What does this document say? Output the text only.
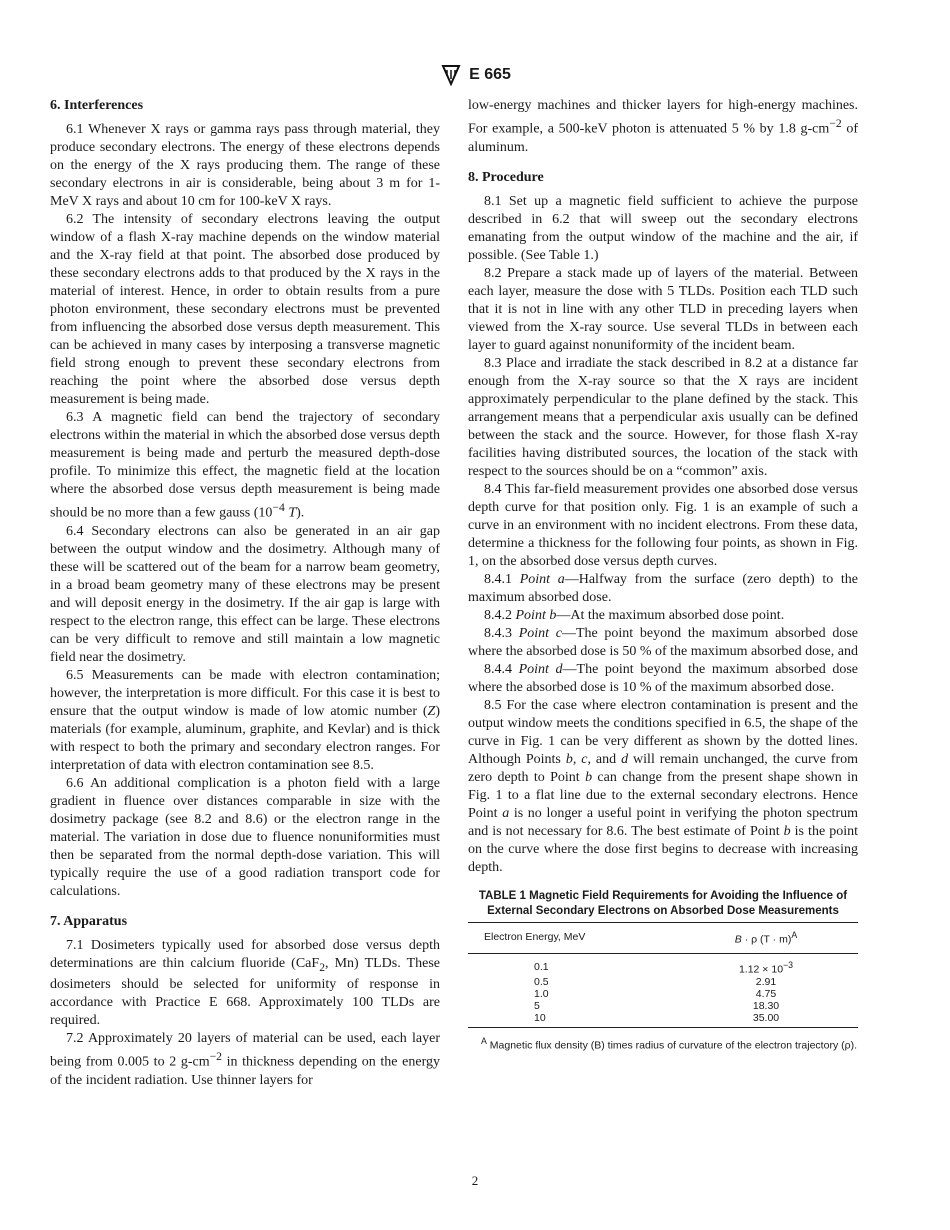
E 665
6. Interferences

6.1 Whenever X rays or gamma rays pass through material, they produce secondary electrons. The energy of these electrons depends on the energy of the X rays producing them. The range of these secondary electrons in air is considerable, being about 3 m for 1-MeV X rays and about 10 cm for 100-keV X rays.

6.2 The intensity of secondary electrons leaving the output window of a flash X-ray machine depends on the window material and the X-ray field at that point. The absorbed dose produced by these secondary electrons adds to that produced by the X rays in the material of interest. Hence, in order to obtain results from a pure photon environment, these secondary electrons must be prevented from influencing the absorbed dose versus depth measurement. This can be achieved in many cases by interposing a transverse magnetic field strong enough to prevent these secondary electrons from reaching the point where the absorbed dose versus depth measurement is being made.

6.3 A magnetic field can bend the trajectory of secondary electrons within the material in which the absorbed dose versus depth measurement is being made and perturb the measured depth-dose profile. To minimize this effect, the magnetic field at the location where the absorbed dose versus depth measurement is being made should be no more than a few gauss ($10^{-4}$ T).

6.4 Secondary electrons can also be generated in an air gap between the output window and the dosimetry. Although many of these will be scattered out of the beam for a narrow beam geometry, in a broad beam geometry many of these electrons may be present and will deposit energy in the dosimetry. If the air gap is large with respect to the electron range, this effect can be large. These electrons can be very difficult to remove and still maintain a low magnetic field near the dosimetry.

6.5 Measurements can be made with electron contamination; however, the interpretation is more difficult. For this case it is best to ensure that the output window is made of low atomic number (Z) materials (for example, aluminum, graphite, and Kevlar) and is thick with respect to both the primary and secondary electron ranges. For interpretation of data with electron contamination see 8.5.

6.6 An additional complication is a photon field with a large gradient in fluence over distances comparable in size with the dosimetry package (see 8.2 and 8.6) or the electron range in the material. The variation in dose due to fluence nonuniformities must then be separated from the normal depth-dose variation. This will typically require the use of a good radiation transport code for calculations.

7. Apparatus

7.1 Dosimeters typically used for absorbed dose versus depth determinations are thin calcium fluoride (CaF$_2$, Mn) TLDs. These dosimeters should be selected for uniformity of response in accordance with Practice E 668. Approximately 100 TLDs are required.

7.2 Approximately 20 layers of material can be used, each layer being from 0.005 to 2 $g-cm^{-2}$ in thickness depending on the energy of the incident radiation. Use thinner layers for

low-energy machines and thicker layers for high-energy machines. For example, a 500-keV photon is attenuated 5 % by 1.8 $g-cm^{-2}$ of aluminum.

8. Procedure

8.1 Set up a magnetic field sufficient to achieve the purpose described in 6.2 that will sweep out the secondary electrons emanating from the output window of the machine and the air, if possible. (See Table 1.)

8.2 Prepare a stack made up of layers of the material. Between each layer, measure the dose with 5 TLDs. Position each TLD such that it is not in line with any other TLD in preceding layers when viewed from the X-ray source. Use several TLDs in between each layer to guard against nonuniformity of the incident beam.

8.3 Place and irradiate the stack described in 8.2 at a distance far enough from the X-ray source so that the X rays are incident approximately perpendicular to the plane defined by the stack. This arrangement means that a perpendicular axis usually can be defined between the stack and the source. However, for those flash X-ray facilities having distributed sources, the location of the stack with respect to the sources should be on a “common” axis.

8.4 This far-field measurement provides one absorbed dose versus depth curve for that position only. Fig. 1 is an example of such a curve in an environment with no incident electrons. From these data, determine a thickness for the following four points, as shown in Fig. 1, on the absorbed dose versus depth curves.

8.4.1 Point a—Halfway from the surface (zero depth) to the maximum absorbed dose.

8.4.2 Point b—At the maximum absorbed dose point.

8.4.3 Point c—The point beyond the maximum absorbed dose where the absorbed dose is 50 % of the maximum absorbed dose, and

8.4.4 Point d—The point beyond the maximum absorbed dose where the absorbed dose is 10 % of the maximum absorbed dose.

8.5 For the case where electron contamination is present and the output window meets the conditions specified in 6.5, the shape of the curve in Fig. 1 can be very different as shown by the dotted lines. Although Points b, c, and d will remain unchanged, the curve from zero depth to Point b can change from the present shape shown in Fig. 1 to a flat line due to the external secondary electrons. Hence Point a is no longer a useful point in verifying the photon spectrum and is not necessary for 8.6. The best estimate of Point b is the point on the curve where the dose first begins to decrease with increasing depth.

TABLE 1 Magnetic Field Requirements for Avoiding the Influence of External Secondary Electrons on Absorbed Dose Measurements
Electron Energy, MeV	B · ρ $(T \cdot m)^A$
0.1	$1.12 \times 10^{-3}$
0.5	2.91
1.0	4.75
5	18.30
10	35.00
$^A$ Magnetic flux density (B) times radius of curvature of the electron trajectory (ρ).	
2
